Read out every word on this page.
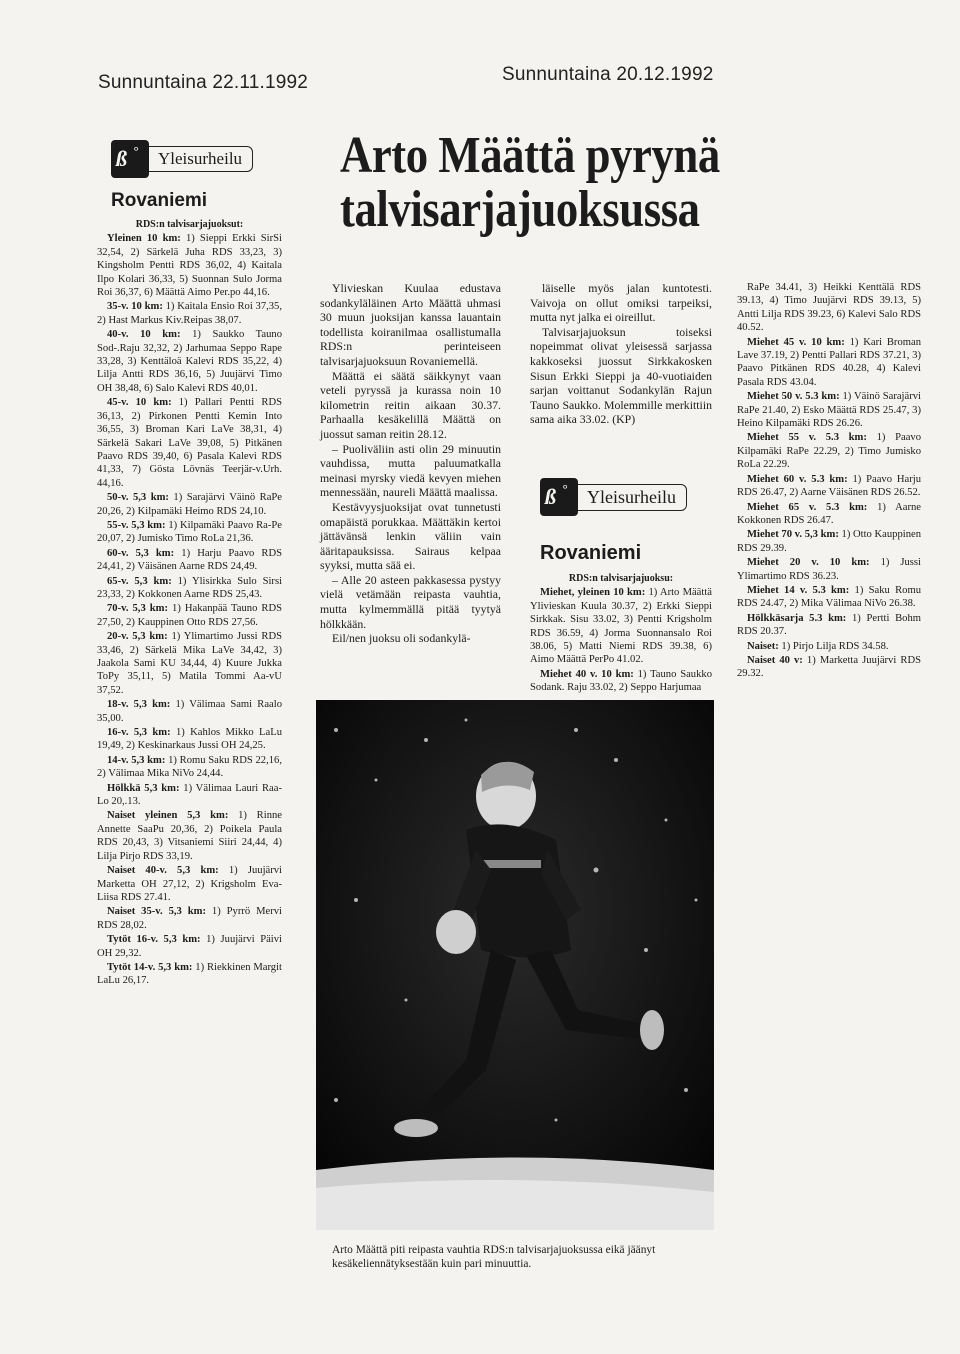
Sunnuntaina 22.11.1992	Sunnuntaina 20.12.1992
ß °	Yleisurheilu
Rovaniemi

RDS:n talvisarjajuoksut:

Yleinen 10 km: 1) Sieppi Erkki SirSi 32,54, 2) Särkelä Juha RDS 33,23, 3) Kingsholm Pentti RDS 36,02, 4) Kaitala Ilpo Kolari 36,33, 5) Suonnan Sulo Jorma Roi 36,37, 6) Määttä Aimo Per.po 44,16.

35-v. 10 km: 1) Kaitala Ensio Roi 37,35, 2) Hast Markus Kiv.Reipas 38,07.

40-v. 10 km: 1) Saukko Tauno Sod-.Raju 32,32, 2) Jarhumaa Seppo Rape 33,28, 3) Kenttäloä Kalevi RDS 35,22, 4) Lilja Antti RDS 36,16, 5) Juujärvi Timo OH 38,48, 6) Salo Kalevi RDS 40,01.

45-v. 10 km: 1) Pallari Pentti RDS 36,13, 2) Pirkonen Pentti Kemin Into 36,55, 3) Broman Kari LaVe 38,31, 4) Särkelä Sakari LaVe 39,08, 5) Pitkänen Paavo RDS 39,40, 6) Pasala Kalevi RDS 41,33, 7) Gösta Lövnäs Teerjär-v.Urh. 44,16.

50-v. 5,3 km: 1) Sarajärvi Väinö RaPe 20,26, 2) Kilpamäki Heimo RDS 24,10.

55-v. 5,3 km: 1) Kilpamäki Paavo Ra-Pe 20,07, 2) Jumisko Timo RoLa 21,36.

60-v. 5,3 km: 1) Harju Paavo RDS 24,41, 2) Väisänen Aarne RDS 24,49.

65-v. 5,3 km: 1) Ylisirkka Sulo Sirsi 23,33, 2) Kokkonen Aarne RDS 25,43.

70-v. 5,3 km: 1) Hakanpää Tauno RDS 27,50, 2) Kauppinen Otto RDS 27,56.

20-v. 5,3 km: 1) Ylimartimo Jussi RDS 33,46, 2) Särkelä Mika LaVe 34,42, 3) Jaakola Sami KU 34,44, 4) Kuure Jukka ToPy 35,11, 5) Matila Tommi Aa-vU 37,52.

18-v. 5,3 km: 1) Välimaa Sami Raalo 35,00.

16-v. 5,3 km: 1) Kahlos Mikko LaLu 19,49, 2) Keskinarkaus Jussi OH 24,25.

14-v. 5,3 km: 1) Romu Saku RDS 22,16, 2) Välimaa Mika NiVo 24,44.

Hölkkä 5,3 km: 1) Välimaa Lauri Raa-Lo 20,.13.

Naiset yleinen 5,3 km: 1) Rinne Annette SaaPu 20,36, 2) Poikela Paula RDS 20,43, 3) Vitsaniemi Siiri 24,44, 4) Lilja Pirjo RDS 33,19.

Naiset 40-v. 5,3 km: 1) Juujärvi Marketta OH 27,12, 2) Krigsholm Eva-Liisa RDS 27.41.

Naiset 35-v. 5,3 km: 1) Pyrrö Mervi RDS 28,02.

Tytöt 16-v. 5,3 km: 1) Juujärvi Päivi OH 29,32.

Tytöt 14-v. 5,3 km: 1) Riekkinen Margit LaLu 26,17.

Arto Määttä pyrynä
talvisarjajuoksussa

Ylivieskan Kuulaa edustava sodankyläläinen Arto Määttä uhmasi 30 muun juoksijan kanssa lauantain todellista koiranilmaa osallistumalla RDS:n perinteiseen talvisarjajuoksuun Rovaniemellä.

Määttä ei säätä säikkynyt vaan veteli pyryssä ja kurassa noin 10 kilometrin reitin aikaan 30.37. Parhaalla kesäkelillä Määttä on juossut saman reitin 28.12.

– Puoliväliin asti olin 29 minuutin vauhdissa, mutta paluumatkalla meinasi myrsky viedä kevyen miehen mennessään, naureli Määttä maalissa.

Kestävyysjuoksijat ovat tunnetusti omapäistä porukkaa. Määttäkin kertoi jättävänsä lenkin väliin vain ääritapauksissa. Sairaus kelpaa syyksi, mutta sää ei.

– Alle 20 asteen pakkasessa pystyy vielä vetämään reipasta vauhtia, mutta kylmemmällä pitää tyytyä hölkkään.

Eil/nen juoksu oli sodankylä-

läiselle myös jalan kuntotesti. Vaivoja on ollut omiksi tarpeiksi, mutta nyt jalka ei oireillut.

Talvisarjajuoksun toiseksi nopeimmat olivat yleisessä sarjassa kakkoseksi juossut Sirkkakosken Sisun Erkki Sieppi ja 40-vuotiaiden sarjan voittanut Sodankylän Rajun Tauno Saukko. Molemmille merkittiin sama aika 33.02. (KP)

ß °	Yleisurheilu
Rovaniemi

RDS:n talvisarjajuoksu:

Miehet, yleinen 10 km: 1) Arto Määttä Ylivieskan Kuula 30.37, 2) Erkki Sieppi Sirkkak. Sisu 33.02, 3) Pentti Krigsholm RDS 36.59, 4) Jorma Suonnansalo Roi 38.06, 5) Matti Niemi RDS 39.38, 6) Aimo Määttä PerPo 41.02.

Miehet 40 v. 10 km: 1) Tauno Saukko Sodank. Raju 33.02, 2) Seppo Harjumaa

RaPe 34.41, 3) Heikki Kenttälä RDS 39.13, 4) Timo Juujärvi RDS 39.13, 5) Antti Lilja RDS 39.23, 6) Kalevi Salo RDS 40.52.

Miehet 45 v. 10 km: 1) Kari Broman Lave 37.19, 2) Pentti Pallari RDS 37.21, 3) Paavo Pitkänen RDS 40.28, 4) Kalevi Pasala RDS 43.04.

Miehet 50 v. 5.3 km: 1) Väinö Sarajärvi RaPe 21.40, 2) Esko Määttä RDS 25.47, 3) Heino Kilpamäki RDS 26.26.

Miehet 55 v. 5.3 km: 1) Paavo Kilpamäki RaPe 22.29, 2) Timo Jumisko RoLa 22.29.

Miehet 60 v. 5.3 km: 1) Paavo Harju RDS 26.47, 2) Aarne Väisänen RDS 26.52.

Miehet 65 v. 5.3 km: 1) Aarne Kokkonen RDS 26.47.

Miehet 70 v. 5,3 km: 1) Otto Kauppinen RDS 29.39.

Miehet 20 v. 10 km: 1) Jussi Ylimartimo RDS 36.23.

Miehet 14 v. 5.3 km: 1) Saku Romu RDS 24.47, 2) Mika Välimaa NiVo 26.38.

Hölkkäsarja 5.3 km: 1) Pertti Bohm RDS 20.37.

Naiset: 1) Pirjo Lilja RDS 34.58.

Naiset 40 v: 1) Marketta Juujärvi RDS 29.32.

Arto Määttä piti reipasta vauhtia RDS:n talvisarjajuoksussa eikä jäänyt kesäkeliennätyksestään kuin pari minuuttia.
